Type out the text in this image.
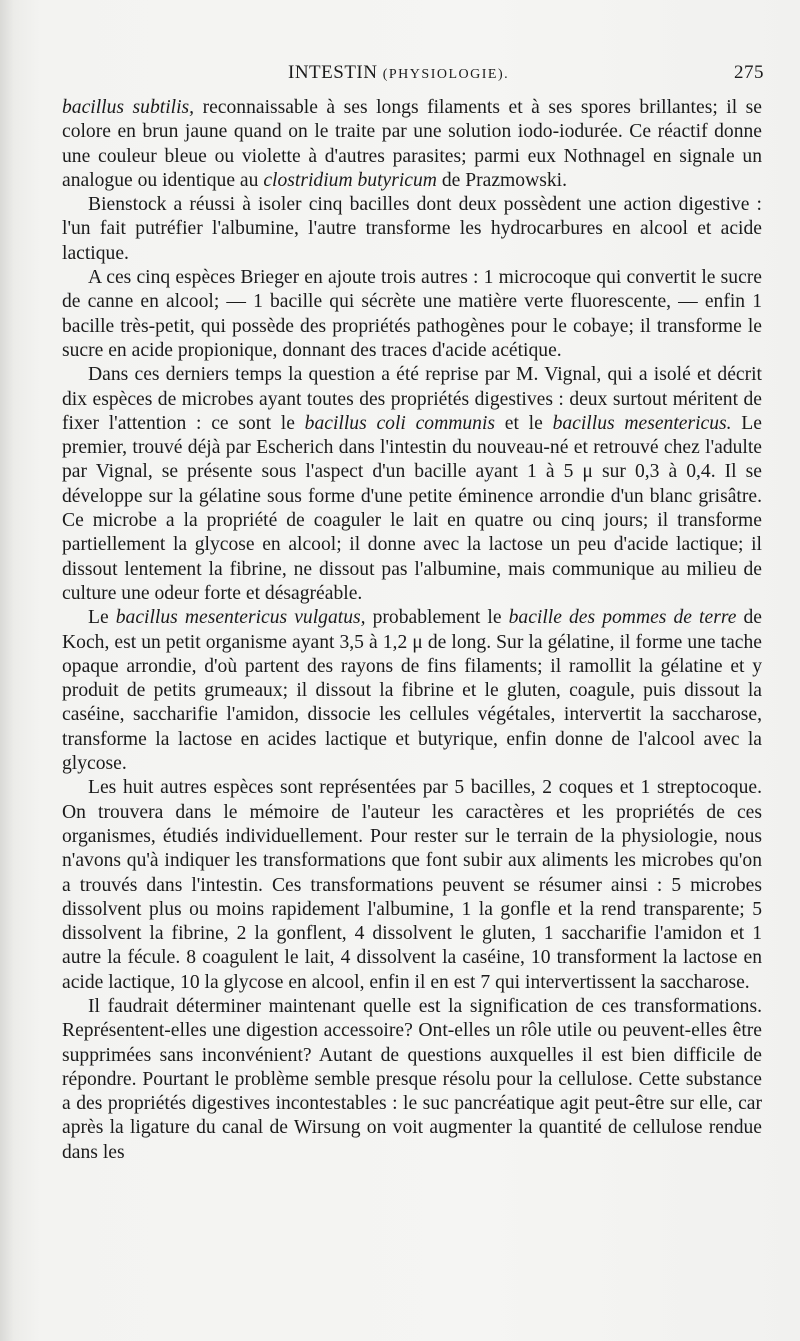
INTESTIN (PHYSIOLOGIE).	275

bacillus subtilis, reconnaissable à ses longs filaments et à ses spores brillantes; il se colore en brun jaune quand on le traite par une solution iodo-iodurée. Ce réactif donne une couleur bleue ou violette à d'autres parasites; parmi eux Nothnagel en signale un analogue ou identique au clostridium butyricum de Prazmowski.

Bienstock a réussi à isoler cinq bacilles dont deux possèdent une action digestive : l'un fait putréfier l'albumine, l'autre transforme les hydrocarbures en alcool et acide lactique.

A ces cinq espèces Brieger en ajoute trois autres : 1 microcoque qui convertit le sucre de canne en alcool; — 1 bacille qui sécrète une matière verte fluorescente, — enfin 1 bacille très-petit, qui possède des propriétés pathogènes pour le cobaye; il transforme le sucre en acide propionique, donnant des traces d'acide acétique.

Dans ces derniers temps la question a été reprise par M. Vignal, qui a isolé et décrit dix espèces de microbes ayant toutes des propriétés digestives : deux surtout méritent de fixer l'attention : ce sont le bacillus coli communis et le bacillus mesentericus. Le premier, trouvé déjà par Escherich dans l'intestin du nouveau-né et retrouvé chez l'adulte par Vignal, se présente sous l'aspect d'un bacille ayant 1 à 5 μ sur 0,3 à 0,4. Il se développe sur la gélatine sous forme d'une petite éminence arrondie d'un blanc grisâtre. Ce microbe a la propriété de coaguler le lait en quatre ou cinq jours; il transforme partiellement la glycose en alcool; il donne avec la lactose un peu d'acide lactique; il dissout lentement la fibrine, ne dissout pas l'albumine, mais communique au milieu de culture une odeur forte et désagréable.

Le bacillus mesentericus vulgatus, probablement le bacille des pommes de terre de Koch, est un petit organisme ayant 3,5 à 1,2 μ de long. Sur la gélatine, il forme une tache opaque arrondie, d'où partent des rayons de fins filaments; il ramollit la gélatine et y produit de petits grumeaux; il dissout la fibrine et le gluten, coagule, puis dissout la caséine, saccharifie l'amidon, dissocie les cellules végétales, intervertit la saccharose, transforme la lactose en acides lactique et butyrique, enfin donne de l'alcool avec la glycose.

Les huit autres espèces sont représentées par 5 bacilles, 2 coques et 1 streptocoque. On trouvera dans le mémoire de l'auteur les caractères et les propriétés de ces organismes, étudiés individuellement. Pour rester sur le terrain de la physiologie, nous n'avons qu'à indiquer les transformations que font subir aux aliments les microbes qu'on a trouvés dans l'intestin. Ces transformations peuvent se résumer ainsi : 5 microbes dissolvent plus ou moins rapidement l'albumine, 1 la gonfle et la rend transparente; 5 dissolvent la fibrine, 2 la gonflent, 4 dissolvent le gluten, 1 saccharifie l'amidon et 1 autre la fécule. 8 coagulent le lait, 4 dissolvent la caséine, 10 transforment la lactose en acide lactique, 10 la glycose en alcool, enfin il en est 7 qui intervertissent la saccharose.

Il faudrait déterminer maintenant quelle est la signification de ces transformations. Représentent-elles une digestion accessoire? Ont-elles un rôle utile ou peuvent-elles être supprimées sans inconvénient? Autant de questions auxquelles il est bien difficile de répondre. Pourtant le problème semble presque résolu pour la cellulose. Cette substance a des propriétés digestives incontestables : le suc pancréatique agit peut-être sur elle, car après la ligature du canal de Wirsung on voit augmenter la quantité de cellulose rendue dans les
